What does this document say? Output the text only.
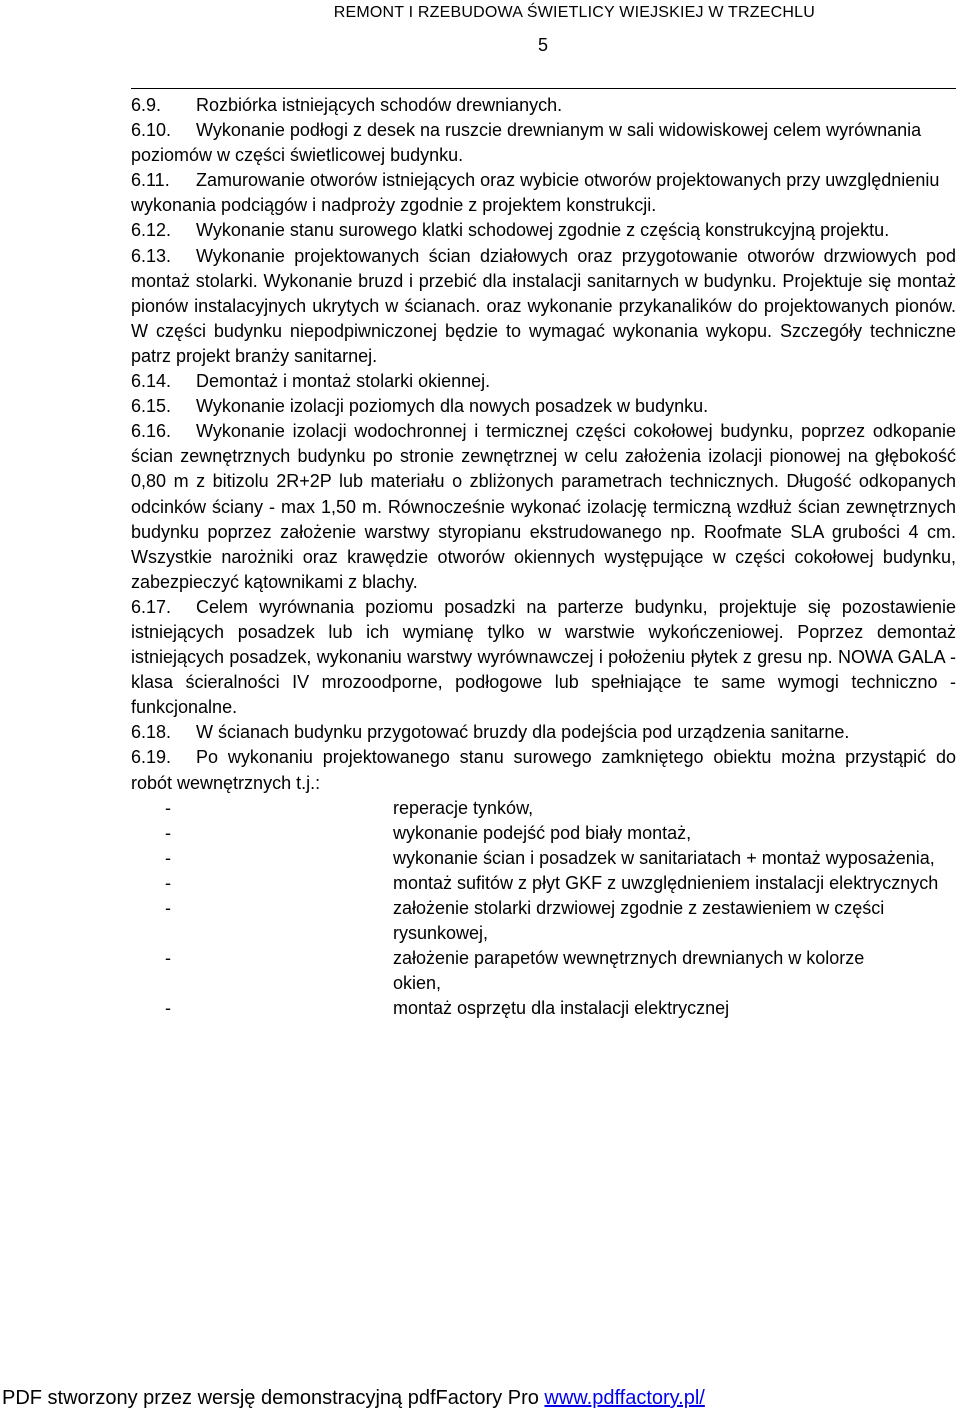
REMONT I RZEBUDOWA ŚWIETLICY WIEJSKIEJ W TRZECHLU
5

6.9. Rozbiórka istniejących schodów drewnianych.

6.10. Wykonanie podłogi z desek na ruszcie drewnianym w sali widowiskowej celem wyrównania poziomów w części świetlicowej budynku.

6.11. Zamurowanie otworów istniejących oraz wybicie otworów projektowanych przy uwzględnieniu wykonania podciągów i nadproży zgodnie z projektem konstrukcji.

6.12. Wykonanie stanu surowego klatki schodowej zgodnie z częścią konstrukcyjną projektu.

6.13. Wykonanie projektowanych ścian działowych oraz przygotowanie otworów drzwiowych pod montaż stolarki. Wykonanie bruzd i przebić dla instalacji sanitarnych w budynku. Projektuje się montaż pionów instalacyjnych ukrytych w ścianach. oraz wykonanie przykanalików do projektowanych pionów. W części budynku niepodpiwniczonej będzie to wymagać wykonania wykopu. Szczegóły techniczne patrz projekt branży sanitarnej.

6.14. Demontaż i montaż stolarki okiennej.

6.15. Wykonanie izolacji poziomych dla nowych posadzek w budynku.

6.16. Wykonanie izolacji wodochronnej i termicznej części cokołowej budynku, poprzez odkopanie ścian zewnętrznych budynku po stronie zewnętrznej w celu założenia izolacji pionowej na głębokość 0,80 m z bitizolu 2R+2P lub materiału o zbliżonych parametrach technicznych. Długość odkopanych odcinków ściany - max 1,50 m. Równocześnie wykonać izolację termiczną wzdłuż ścian zewnętrznych budynku poprzez założenie warstwy styropianu ekstrudowanego np. Roofmate SLA grubości 4 cm. Wszystkie narożniki oraz krawędzie otworów okiennych występujące w części cokołowej budynku, zabezpieczyć kątownikami z blachy.

6.17. Celem wyrównania poziomu posadzki na parterze budynku, projektuje się pozostawienie istniejących posadzek lub ich wymianę tylko w warstwie wykończeniowej. Poprzez demontaż istniejących posadzek, wykonaniu warstwy wyrównawczej i położeniu płytek z gresu np. NOWA GALA - klasa ścieralności IV mrozoodporne, podłogowe lub spełniające te same wymogi techniczno - funkcjonalne.

6.18. W ścianach budynku przygotować bruzdy dla podejścia pod urządzenia sanitarne.

6.19. Po wykonaniu projektowanego stanu surowego zamkniętego obiektu można przystąpić do robót wewnętrznych t.j.:

-	reperacje tynków,
-	wykonanie podejść pod biały montaż,
-	wykonanie ścian i posadzek w sanitariatach + montaż wyposażenia,
-	montaż sufitów z płyt GKF z uwzględnieniem instalacji elektrycznych
-	założenie stolarki drzwiowej zgodnie z zestawieniem w części
rysunkowej,
-	założenie parapetów wewnętrznych drewnianych w kolorze okien,
-	montaż osprzętu dla instalacji elektrycznej
PDF stworzony przez wersję demonstracyjną pdfFactory Pro www.pdffactory.pl/
